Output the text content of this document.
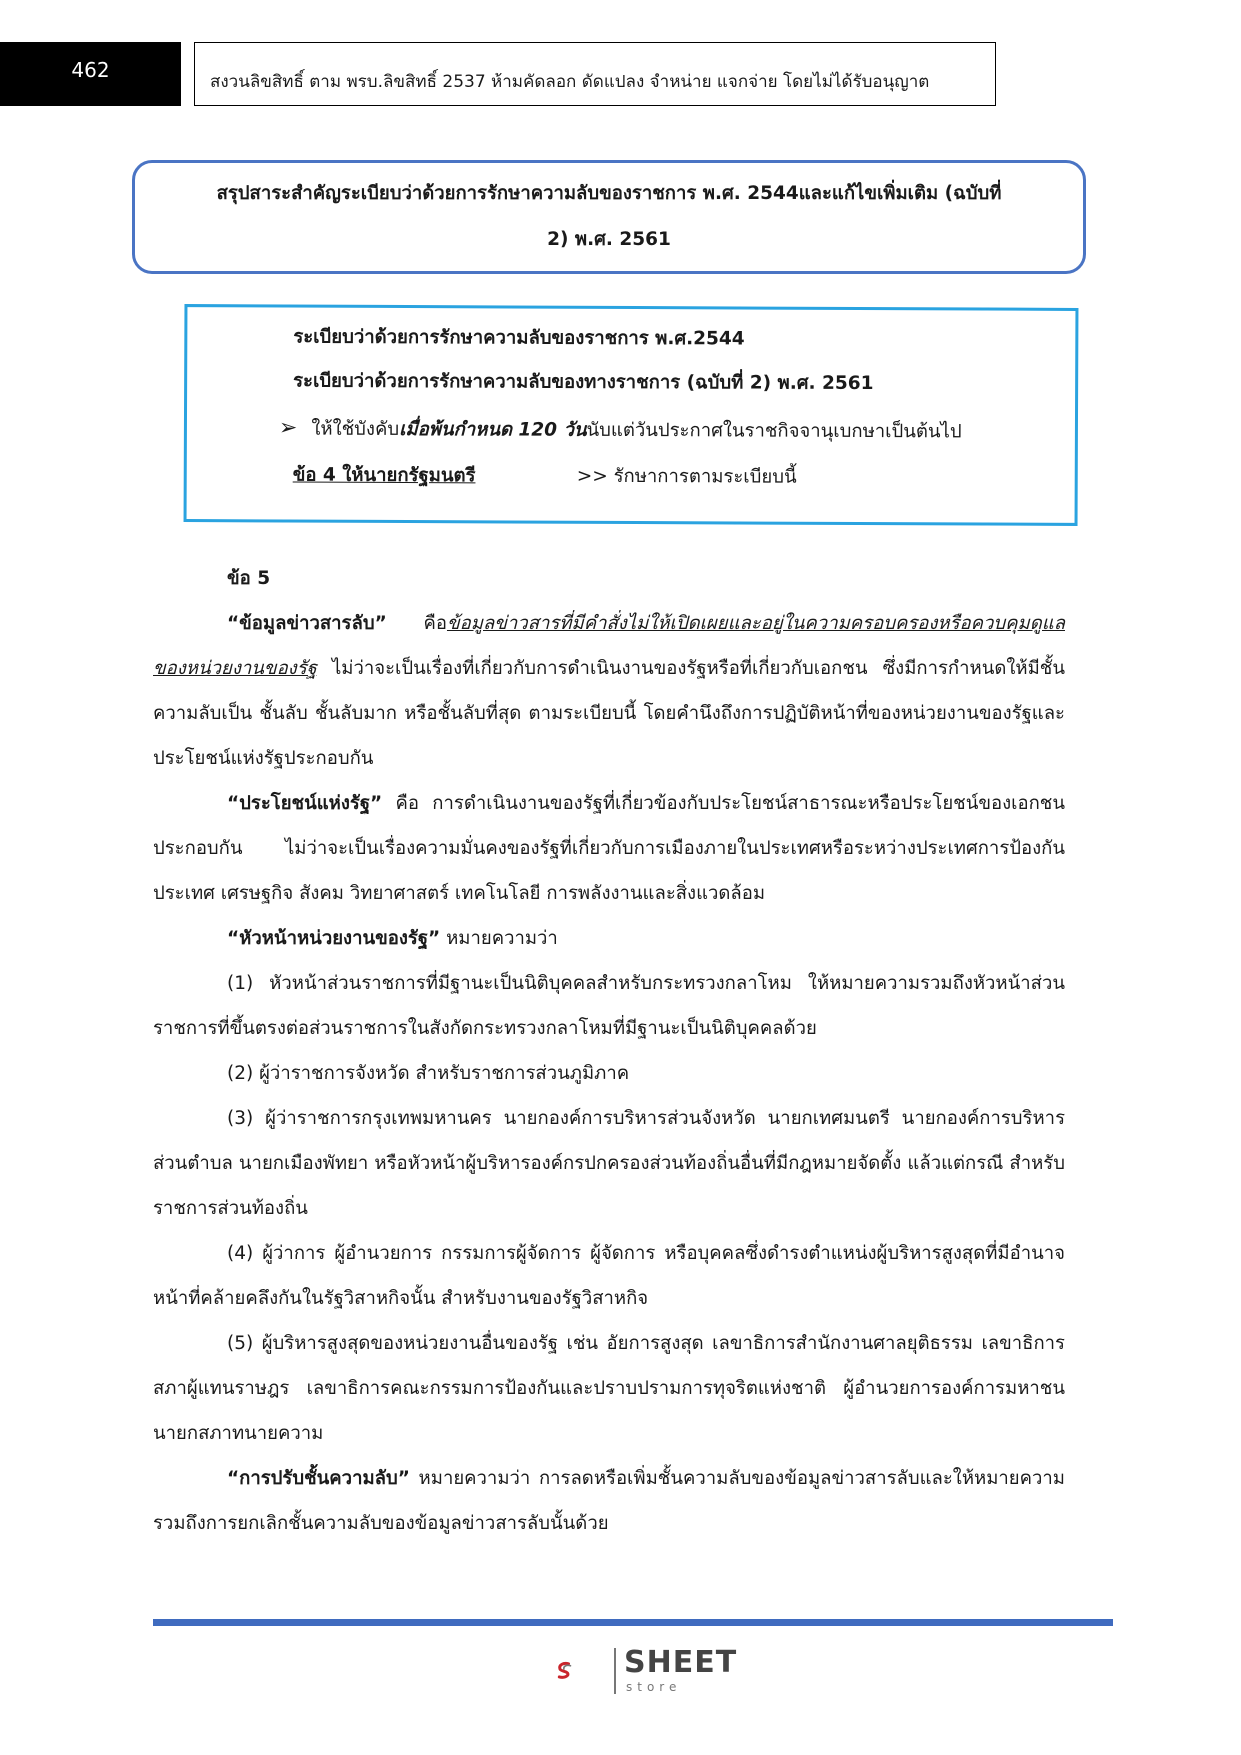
462	สงวนลิขสิทธิ์ ตาม พรบ.ลิขสิทธิ์ 2537 ห้ามคัดลอก ดัดแปลง จำหน่าย แจกจ่าย โดยไม่ได้รับอนุญาต
สรุปสาระสำคัญระเบียบว่าด้วยการรักษาความลับของราชการ พ.ศ. 2544และแก้ไขเพิ่มเติม (ฉบับที่
2) พ.ศ. 2561
ระเบียบว่าด้วยการรักษาความลับของราชการ พ.ศ.2544
ระเบียบว่าด้วยการรักษาความลับของทางราชการ (ฉบับที่ 2) พ.ศ. 2561
➢ ให้ใช้บังคับเมื่อพ้นกำหนด 120 วันนับแต่วันประกาศในราชกิจจานุเบกษาเป็นต้นไป
ข้อ 4 ให้นายกรัฐมนตรี	>> รักษาการตามระเบียบนี้

ข้อ 5

“ข้อมูลข่าวสารลับ” คือข้อมูลข่าวสารที่มีคำสั่งไม่ให้เปิดเผยและอยู่ในความครอบครองหรือควบคุมดูแลของหน่วยงานของรัฐ ไม่ว่าจะเป็นเรื่องที่เกี่ยวกับการดำเนินงานของรัฐหรือที่เกี่ยวกับเอกชน ซึ่งมีการกำหนดให้มีชั้นความลับเป็น ชั้นลับ ชั้นลับมาก หรือชั้นลับที่สุด ตามระเบียบนี้ โดยคำนึงถึงการปฏิบัติหน้าที่ของหน่วยงานของรัฐและประโยชน์แห่งรัฐประกอบกัน

“ประโยชน์แห่งรัฐ” คือ การดำเนินงานของรัฐที่เกี่ยวข้องกับประโยชน์สาธารณะหรือประโยชน์ของเอกชนประกอบกัน ไม่ว่าจะเป็นเรื่องความมั่นคงของรัฐที่เกี่ยวกับการเมืองภายในประเทศหรือระหว่างประเทศการป้องกันประเทศ เศรษฐกิจ สังคม วิทยาศาสตร์ เทคโนโลยี การพลังงานและสิ่งแวดล้อม

“หัวหน้าหน่วยงานของรัฐ” หมายความว่า

(1) หัวหน้าส่วนราชการที่มีฐานะเป็นนิติบุคคลสำหรับกระทรวงกลาโหม ให้หมายความรวมถึงหัวหน้าส่วนราชการที่ขึ้นตรงต่อส่วนราชการในสังกัดกระทรวงกลาโหมที่มีฐานะเป็นนิติบุคคลด้วย

(2) ผู้ว่าราชการจังหวัด สำหรับราชการส่วนภูมิภาค

(3) ผู้ว่าราชการกรุงเทพมหานคร นายกองค์การบริหารส่วนจังหวัด นายกเทศมนตรี นายกองค์การบริหารส่วนตำบล นายกเมืองพัทยา หรือหัวหน้าผู้บริหารองค์กรปกครองส่วนท้องถิ่นอื่นที่มีกฎหมายจัดตั้ง แล้วแต่กรณี สำหรับราชการส่วนท้องถิ่น

(4) ผู้ว่าการ ผู้อำนวยการ กรรมการผู้จัดการ ผู้จัดการ หรือบุคคลซึ่งดำรงตำแหน่งผู้บริหารสูงสุดที่มีอำนาจหน้าที่คล้ายคลึงกันในรัฐวิสาหกิจนั้น สำหรับงานของรัฐวิสาหกิจ

(5) ผู้บริหารสูงสุดของหน่วยงานอื่นของรัฐ เช่น อัยการสูงสุด เลขาธิการสำนักงานศาลยุติธรรม เลขาธิการสภาผู้แทนราษฎร เลขาธิการคณะกรรมการป้องกันและปราบปรามการทุจริตแห่งชาติ ผู้อำนวยการองค์การมหาชน นายกสภาทนายความ

“การปรับชั้นความลับ” หมายความว่า การลดหรือเพิ่มชั้นความลับของข้อมูลข่าวสารลับและให้หมายความรวมถึงการยกเลิกชั้นความลับของข้อมูลข่าวสารลับนั้นด้วย

SHEET
store
